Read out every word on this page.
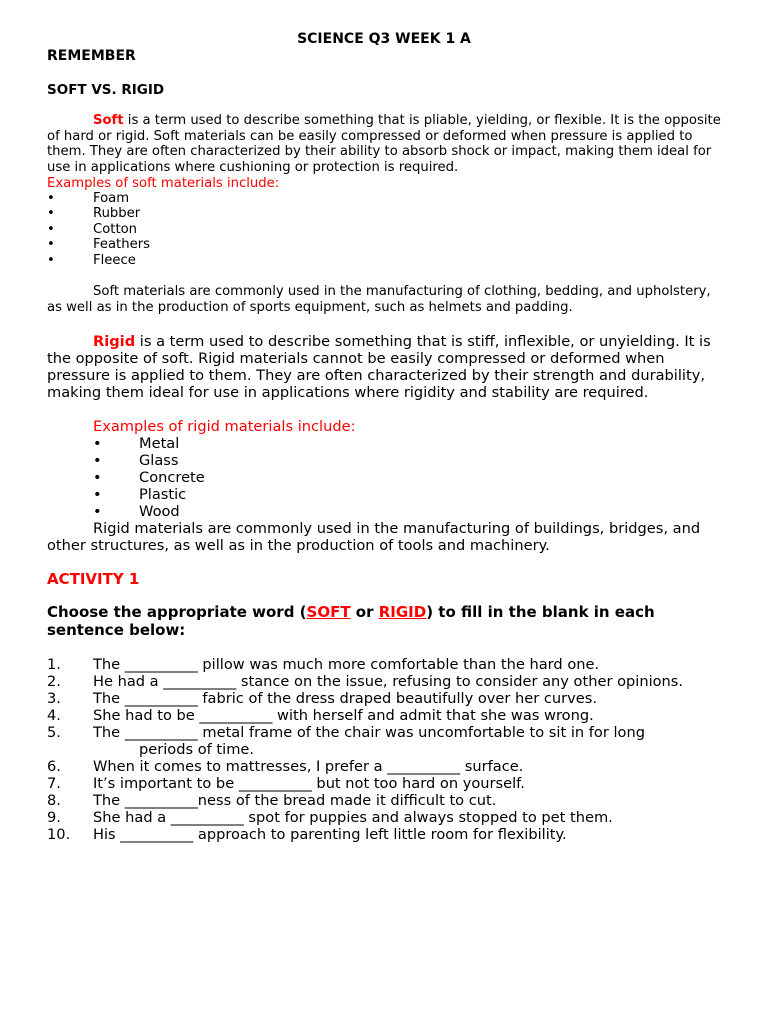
SCIENCE Q3 WEEK 1 A
REMEMBER
SOFT VS. RIGID
Soft is a term used to describe something that is pliable, yielding, or flexible. It is the opposite of hard or rigid. Soft materials can be easily compressed or deformed when pressure is applied to them. They are often characterized by their ability to absorb shock or impact, making them ideal for use in applications where cushioning or protection is required.
Examples of soft materials include:
•	Foam
•	Rubber
•	Cotton
•	Feathers
•	Fleece
Soft materials are commonly used in the manufacturing of clothing, bedding, and upholstery, as well as in the production of sports equipment, such as helmets and padding.
Rigid is a term used to describe something that is stiff, inflexible, or unyielding. It is the opposite of soft. Rigid materials cannot be easily compressed or deformed when pressure is applied to them. They are often characterized by their strength and durability, making them ideal for use in applications where rigidity and stability are required.
Examples of rigid materials include:
•	Metal
•	Glass
•	Concrete
•	Plastic
•	Wood
Rigid materials are commonly used in the manufacturing of buildings, bridges, and other structures, as well as in the production of tools and machinery.
ACTIVITY 1
Choose the appropriate word (SOFT or RIGID) to fill in the blank in each sentence below:
1. The __________ pillow was much more comfortable than the hard one.
2. He had a __________ stance on the issue, refusing to consider any other opinions.
3. The __________ fabric of the dress draped beautifully over her curves.
4. She had to be __________ with herself and admit that she was wrong.
5. The __________ metal frame of the chair was uncomfortable to sit in for long
periods of time.
6. When it comes to mattresses, I prefer a __________ surface.
7. It’s important to be __________ but not too hard on yourself.
8. The __________ness of the bread made it difficult to cut.
9. She had a __________ spot for puppies and always stopped to pet them.
10. His __________ approach to parenting left little room for flexibility.
